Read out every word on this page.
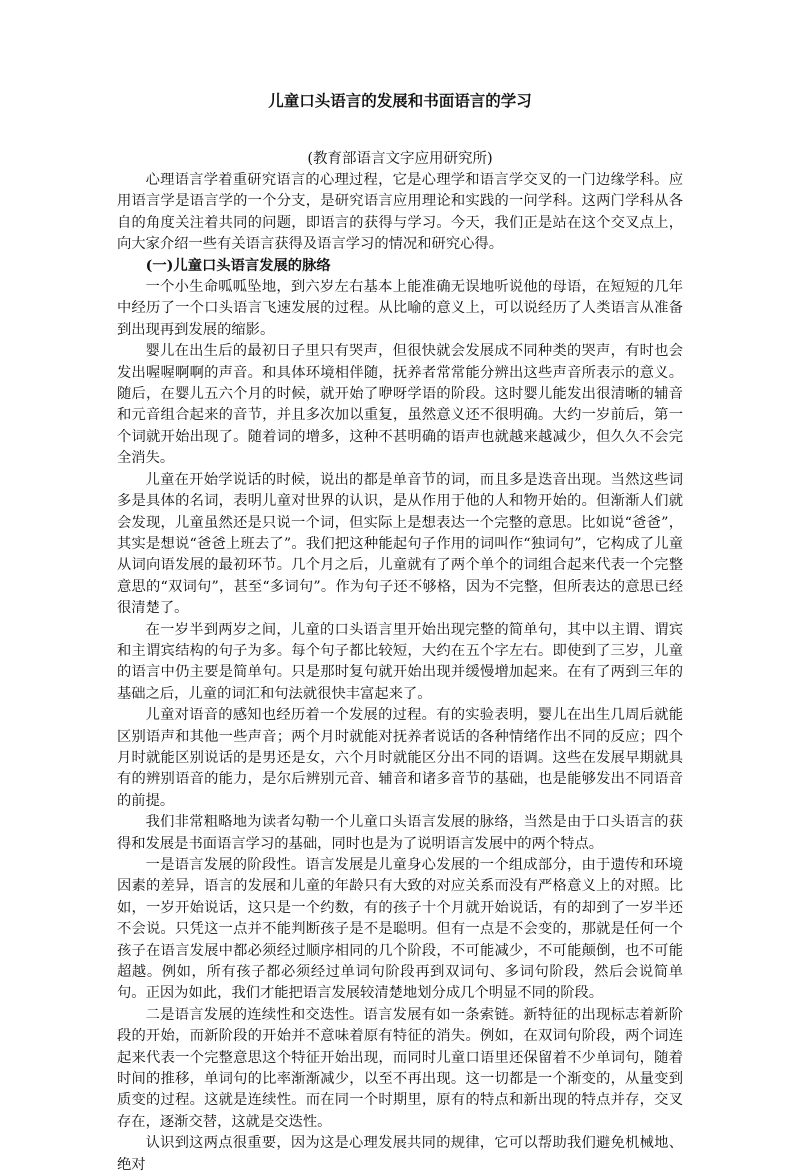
儿童口头语言的发展和书面语言的学习

(教育部语言文字应用研究所)

心理语言学着重研究语言的心理过程，它是心理学和语言学交叉的一门边缘学科。应用语言学是语言学的一个分支，是研究语言应用理论和实践的一问学科。这两门学科从各自的角度关注着共同的问题，即语言的获得与学习。今天，我们正是站在这个交叉点上，向大家介绍一些有关语言获得及语言学习的情况和研究心得。

(一)儿童口头语言发展的脉络

一个小生命呱呱坠地，到六岁左右基本上能准确无误地听说他的母语，在短短的几年中经历了一个口头语言飞速发展的过程。从比喻的意义上，可以说经历了人类语言从准备到出现再到发展的缩影。

婴儿在出生后的最初日子里只有哭声，但很快就会发展成不同种类的哭声，有时也会发出喔喔啊啊的声音。和具体环境相伴随，抚养者常常能分辨出这些声音所表示的意义。随后，在婴儿五六个月的时候，就开始了咿呀学语的阶段。这时婴儿能发出很清晰的辅音和元音组合起来的音节，并且多次加以重复，虽然意义还不很明确。大约一岁前后，第一个词就开始出现了。随着词的增多，这种不甚明确的语声也就越来越减少，但久久不会完全消失。

儿童在开始学说话的时候，说出的都是单音节的词，而且多是迭音出现。当然这些词多是具体的名词，表明儿童对世界的认识，是从作用于他的人和物开始的。但渐渐人们就会发现，儿童虽然还是只说一个词，但实际上是想表达一个完整的意思。比如说“爸爸”，其实是想说“爸爸上班去了”。我们把这种能起句子作用的词叫作“独词句”，它构成了儿童从词向语发展的最初环节。几个月之后，儿童就有了两个单个的词组合起来代表一个完整意思的“双词句”，甚至“多词句”。作为句子还不够格，因为不完整，但所表达的意思已经很清楚了。

在一岁半到两岁之间，儿童的口头语言里开始出现完整的简单句，其中以主谓、谓宾和主谓宾结构的句子为多。每个句子都比较短，大约在五个字左右。即使到了三岁，儿童的语言中仍主要是简单句。只是那时复句就开始出现并缓慢增加起来。在有了两到三年的基础之后，儿童的词汇和句法就很快丰富起来了。

儿童对语音的感知也经历着一个发展的过程。有的实验表明，婴儿在出生几周后就能区别语声和其他一些声音；两个月时就能对抚养者说话的各种情绪作出不同的反应；四个月时就能区别说话的是男还是女，六个月时就能区分出不同的语调。这些在发展早期就具有的辨别语音的能力，是尔后辨别元音、辅音和诸多音节的基础，也是能够发出不同语音的前提。

我们非常粗略地为读者勾勒一个儿童口头语言发展的脉络，当然是由于口头语言的获得和发展是书面语言学习的基础，同时也是为了说明语言发展中的两个特点。

一是语言发展的阶段性。语言发展是儿童身心发展的一个组成部分，由于遗传和环境因素的差异，语言的发展和儿童的年龄只有大致的对应关系而没有严格意义上的对照。比如，一岁开始说话，这只是一个约数，有的孩子十个月就开始说话，有的却到了一岁半还不会说。只凭这一点并不能判断孩子是不是聪明。但有一点是不会变的，那就是任何一个孩子在语言发展中都必须经过顺序相同的几个阶段，不可能减少，不可能颠倒，也不可能超越。例如，所有孩子都必须经过单词句阶段再到双词句、多词句阶段，然后会说简单句。正因为如此，我们才能把语言发展较清楚地划分成几个明显不同的阶段。

二是语言发展的连续性和交迭性。语言发展有如一条索链。新特征的出现标志着新阶段的开始，而新阶段的开始并不意味着原有特征的消失。例如，在双词句阶段，两个词连起来代表一个完整意思这个特征开始出现，而同时儿童口语里还保留着不少单词句，随着时间的推移，单词句的比率渐渐减少，以至不再出现。这一切都是一个渐变的，从量变到质变的过程。这就是连续性。而在同一个时期里，原有的特点和新出现的特点并存，交叉存在，逐渐交替，这就是交迭性。

认识到这两点很重要，因为这是心理发展共同的规律，它可以帮助我们避免机械地、绝对
